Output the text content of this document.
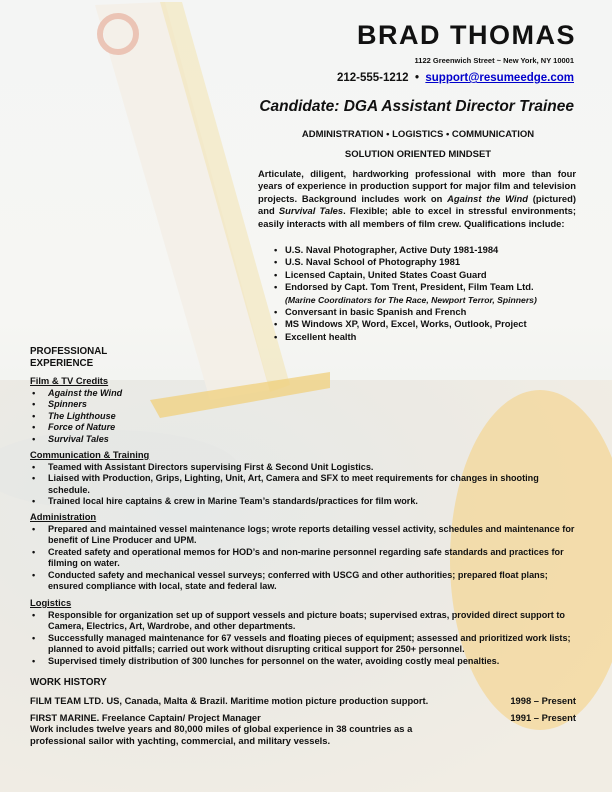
BRAD THOMAS
1122 Greenwich Street ~ New York, NY 10001
212-555-1212 • support@resumeedge.com
Candidate: DGA Assistant Director Trainee
ADMINISTRATION • LOGISTICS • COMMUNICATION
SOLUTION ORIENTED MINDSET

Articulate, diligent, hardworking professional with more than four years of experience in production support for major film and television projects. Background includes work on Against the Wind (pictured) and Survival Tales. Flexible; able to excel in stressful environments; easily interacts with all members of film crew. Qualifications include:

• U.S. Naval Photographer, Active Duty 1981-1984
• U.S. Naval School of Photography 1981
• Licensed Captain, United States Coast Guard
• Endorsed by Capt. Tom Trent, President, Film Team Ltd.
(Marine Coordinators for The Race, Newport Terror, Spinners)
• Conversant in basic Spanish and French
• MS Windows XP, Word, Excel, Works, Outlook, Project
• Excellent health
PROFESSIONAL
EXPERIENCE
Film & TV Credits
• Against the Wind
• Spinners
• The Lighthouse
• Force of Nature
• Survival Tales
Communication & Training
• Teamed with Assistant Directors supervising First & Second Unit Logistics.
• Liaised with Production, Grips, Lighting, Unit, Art, Camera and SFX to meet requirements for changes in shooting schedule.
• Trained local hire captains & crew in Marine Team’s standards/practices for film work.
Administration
• Prepared and maintained vessel maintenance logs; wrote reports detailing vessel activity, schedules and maintenance for benefit of Line Producer and UPM.
• Created safety and operational memos for HOD’s and non-marine personnel regarding safe standards and practices for filming on water.
• Conducted safety and mechanical vessel surveys; conferred with USCG and other authorities; prepared float plans; ensured compliance with local, state and federal law.
Logistics
• Responsible for organization set up of support vessels and picture boats; supervised extras, provided direct support to Camera, Electrics, Art, Wardrobe, and other departments.
• Successfully managed maintenance for 67 vessels and floating pieces of equipment; assessed and prioritized work lists; planned to avoid pitfalls; carried out work without disrupting critical support for 250+ personnel.
• Supervised timely distribution of 300 lunches for personnel on the water, avoiding costly meal penalties.
WORK HISTORY
FILM TEAM LTD. US, Canada, Malta & Brazil. Maritime motion picture production support.	1998 – Present
FIRST MARINE. Freelance Captain/ Project Manager	1991 – Present
Work includes twelve years and 80,000 miles of global experience in 38 countries as a professional sailor with yachting, commercial, and military vessels.
